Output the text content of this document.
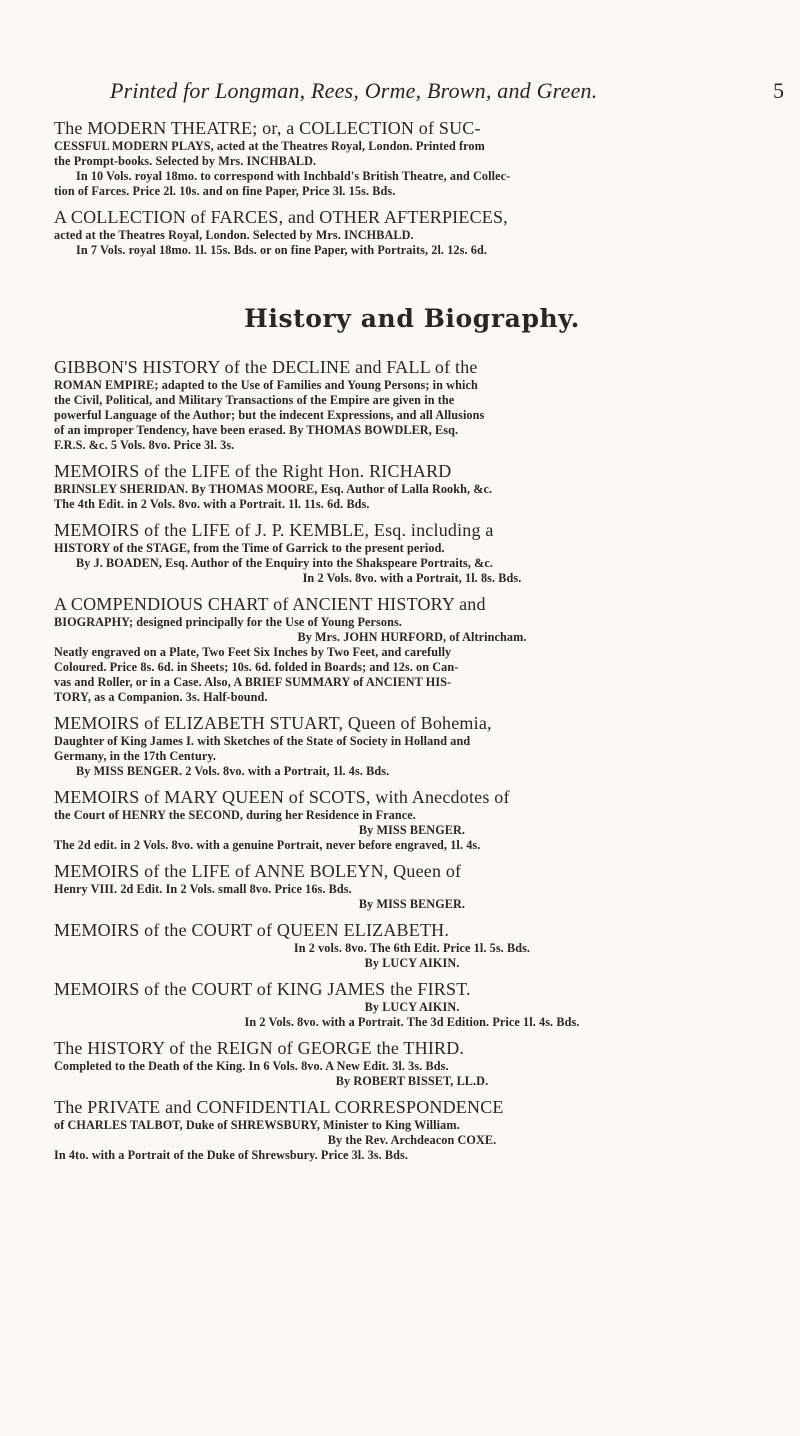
Printed for Longman, Rees, Orme, Brown, and Green.	5
The MODERN THEATRE; or, a COLLECTION of SUC-
CESSFUL MODERN PLAYS, acted at the Theatres Royal, London. Printed from
the Prompt-books. Selected by Mrs. INCHBALD.
In 10 Vols. royal 18mo. to correspond with Inchbald's British Theatre, and Collec-
tion of Farces. Price 2l. 10s. and on fine Paper, Price 3l. 15s. Bds.
A COLLECTION of FARCES, and OTHER AFTERPIECES,
acted at the Theatres Royal, London. Selected by Mrs. INCHBALD.
In 7 Vols. royal 18mo. 1l. 15s. Bds. or on fine Paper, with Portraits, 2l. 12s. 6d.
History and Biography.
GIBBON'S HISTORY of the DECLINE and FALL of the
ROMAN EMPIRE; adapted to the Use of Families and Young Persons; in which
the Civil, Political, and Military Transactions of the Empire are given in the
powerful Language of the Author; but the indecent Expressions, and all Allusions
of an improper Tendency, have been erased. By THOMAS BOWDLER, Esq.
F.R.S. &c. 5 Vols. 8vo. Price 3l. 3s.
MEMOIRS of the LIFE of the Right Hon. RICHARD
BRINSLEY SHERIDAN. By THOMAS MOORE, Esq. Author of Lalla Rookh, &c.
The 4th Edit. in 2 Vols. 8vo. with a Portrait. 1l. 11s. 6d. Bds.
MEMOIRS of the LIFE of J. P. KEMBLE, Esq. including a
HISTORY of the STAGE, from the Time of Garrick to the present period.
By J. BOADEN, Esq. Author of the Enquiry into the Shakspeare Portraits, &c.
In 2 Vols. 8vo. with a Portrait, 1l. 8s. Bds.
A COMPENDIOUS CHART of ANCIENT HISTORY and
BIOGRAPHY; designed principally for the Use of Young Persons.
By Mrs. JOHN HURFORD, of Altrincham.
Neatly engraved on a Plate, Two Feet Six Inches by Two Feet, and carefully
Coloured. Price 8s. 6d. in Sheets; 10s. 6d. folded in Boards; and 12s. on Can-
vas and Roller, or in a Case. Also, A BRIEF SUMMARY of ANCIENT HIS-
TORY, as a Companion. 3s. Half-bound.
MEMOIRS of ELIZABETH STUART, Queen of Bohemia,
Daughter of King James I. with Sketches of the State of Society in Holland and
Germany, in the 17th Century.
By MISS BENGER. 2 Vols. 8vo. with a Portrait, 1l. 4s. Bds.
MEMOIRS of MARY QUEEN of SCOTS, with Anecdotes of
the Court of HENRY the SECOND, during her Residence in France.
By MISS BENGER.
The 2d edit. in 2 Vols. 8vo. with a genuine Portrait, never before engraved, 1l. 4s.
MEMOIRS of the LIFE of ANNE BOLEYN, Queen of
Henry VIII. 2d Edit. In 2 Vols. small 8vo. Price 16s. Bds.
By MISS BENGER.
MEMOIRS of the COURT of QUEEN ELIZABETH.
In 2 vols. 8vo. The 6th Edit. Price 1l. 5s. Bds.
By LUCY AIKIN.
MEMOIRS of the COURT of KING JAMES the FIRST.
By LUCY AIKIN.
In 2 Vols. 8vo. with a Portrait. The 3d Edition. Price 1l. 4s. Bds.
The HISTORY of the REIGN of GEORGE the THIRD.
Completed to the Death of the King. In 6 Vols. 8vo. A New Edit. 3l. 3s. Bds.
By ROBERT BISSET, LL.D.
The PRIVATE and CONFIDENTIAL CORRESPONDENCE
of CHARLES TALBOT, Duke of SHREWSBURY, Minister to King William.
By the Rev. Archdeacon COXE.
In 4to. with a Portrait of the Duke of Shrewsbury. Price 3l. 3s. Bds.
